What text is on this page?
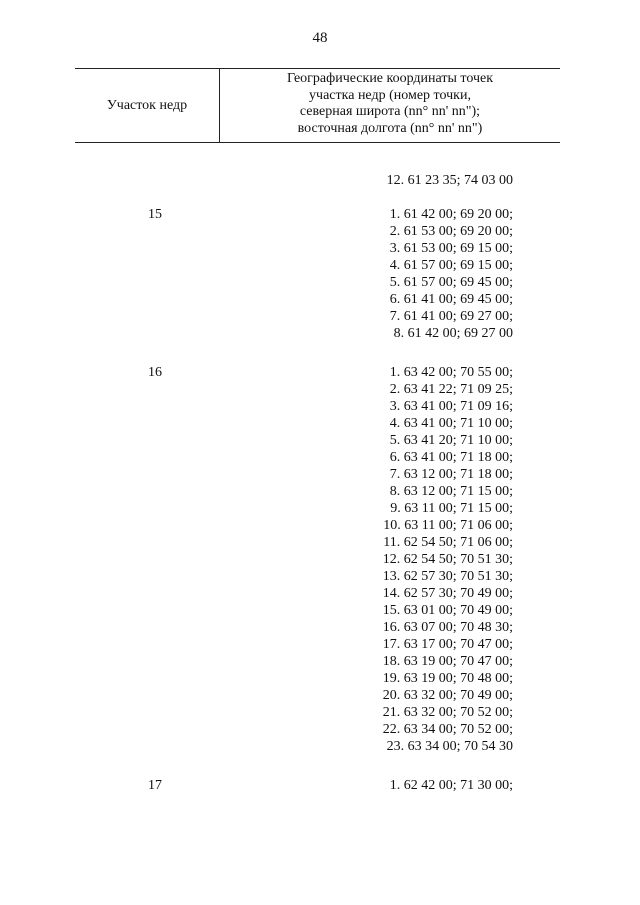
48
Участок недр
Географические координаты точек
участка недр (номер точки,
северная широта (nn° nn' nn");
восточная долгота (nn° nn' nn")
12. 61 23 35; 74 03 00
15	1. 61 42 00; 69 20 00;
2. 61 53 00; 69 20 00;
3. 61 53 00; 69 15 00;
4. 61 57 00; 69 15 00;
5. 61 57 00; 69 45 00;
6. 61 41 00; 69 45 00;
7. 61 41 00; 69 27 00;
8. 61 42 00; 69 27 00
16	1. 63 42 00; 70 55 00;
2. 63 41 22; 71 09 25;
3. 63 41 00; 71 09 16;
4. 63 41 00; 71 10 00;
5. 63 41 20; 71 10 00;
6. 63 41 00; 71 18 00;
7. 63 12 00; 71 18 00;
8. 63 12 00; 71 15 00;
9. 63 11 00; 71 15 00;
10. 63 11 00; 71 06 00;
11. 62 54 50; 71 06 00;
12. 62 54 50; 70 51 30;
13. 62 57 30; 70 51 30;
14. 62 57 30; 70 49 00;
15. 63 01 00; 70 49 00;
16. 63 07 00; 70 48 30;
17. 63 17 00; 70 47 00;
18. 63 19 00; 70 47 00;
19. 63 19 00; 70 48 00;
20. 63 32 00; 70 49 00;
21. 63 32 00; 70 52 00;
22. 63 34 00; 70 52 00;
23. 63 34 00; 70 54 30
17	1. 62 42 00; 71 30 00;
